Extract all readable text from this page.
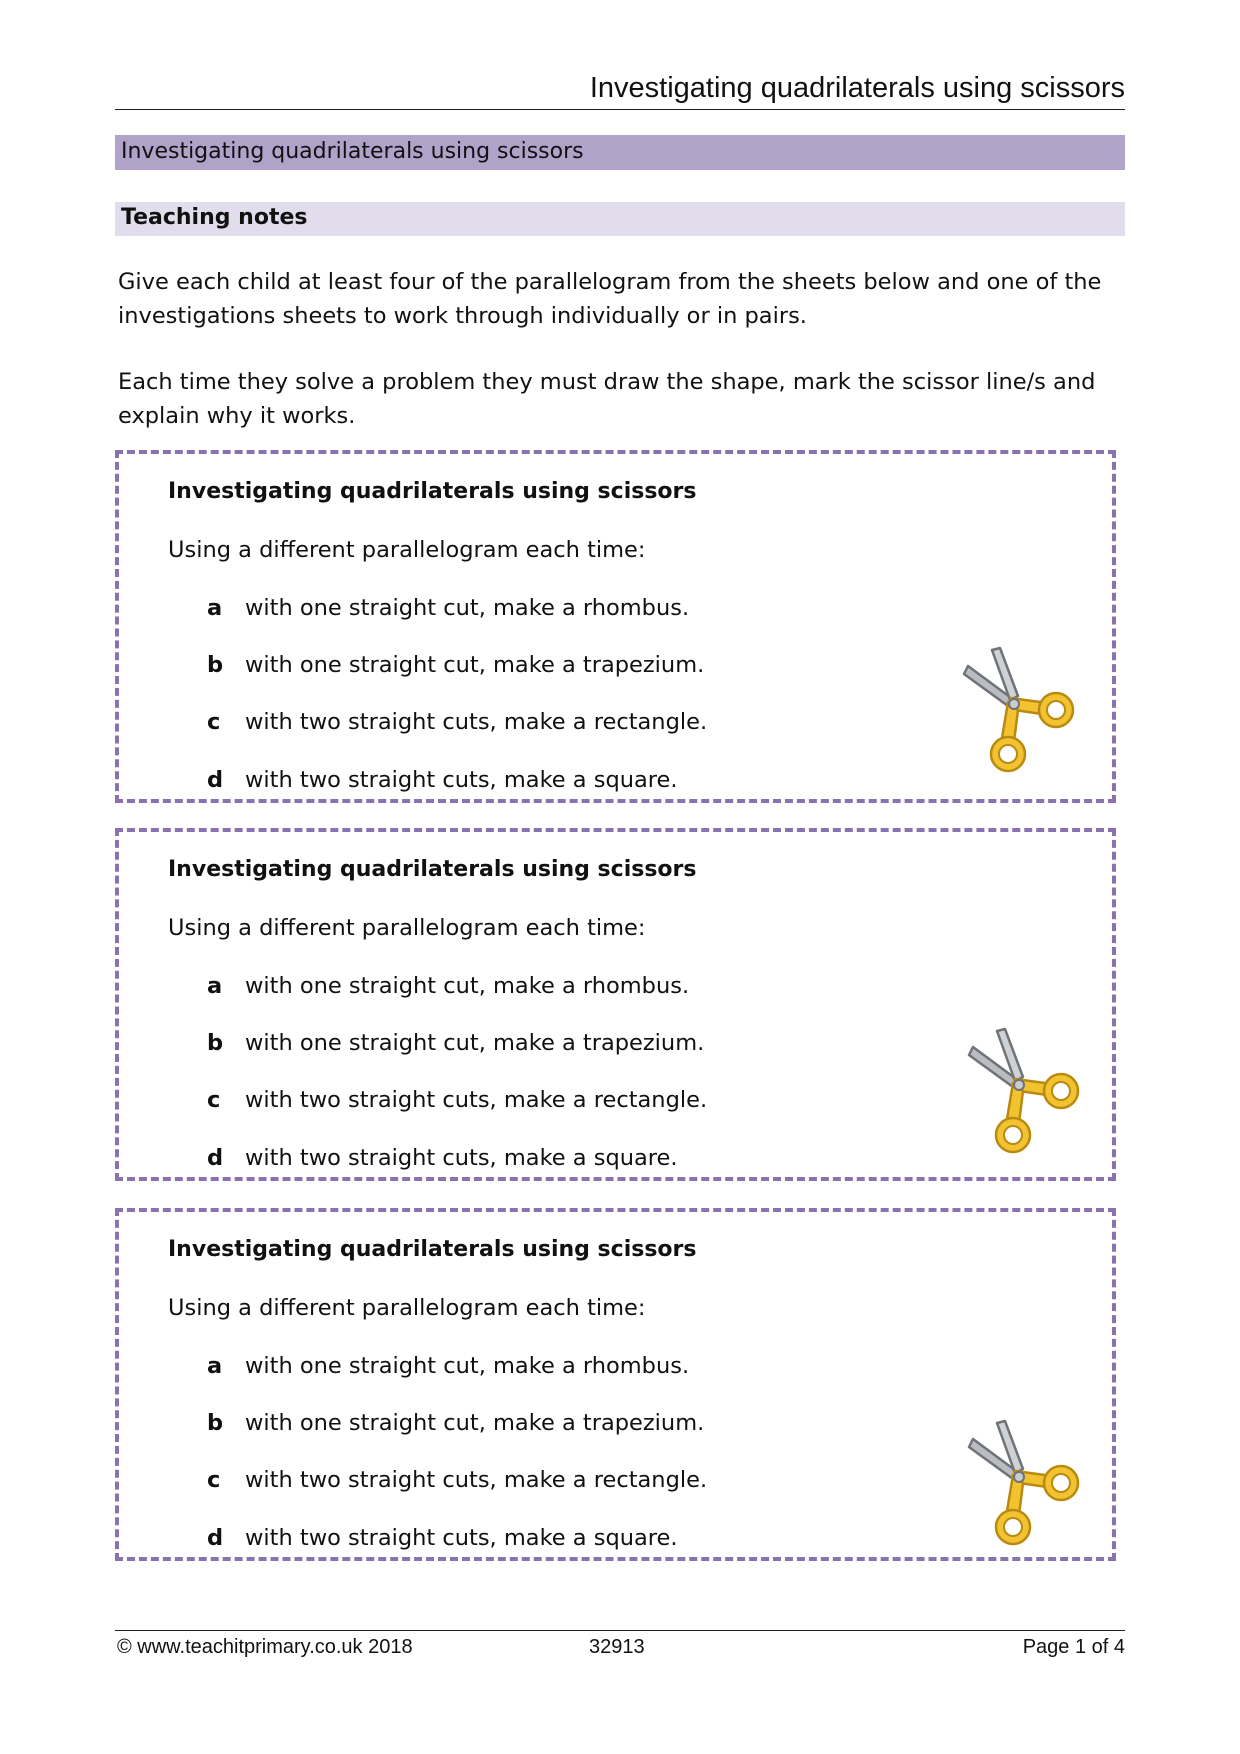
Investigating quadrilaterals using scissors
Investigating quadrilaterals using scissors
Teaching notes
Give each child at least four of the parallelogram from the sheets below and one of the
investigations sheets to work through individually or in pairs.
Each time they solve a problem they must draw the shape, mark the scissor line/s and
explain why it works.
Investigating quadrilaterals using scissors
Using a different parallelogram each time:
a with one straight cut, make a rhombus.
b with one straight cut, make a trapezium.
c with two straight cuts, make a rectangle.
d with two straight cuts, make a square.
Investigating quadrilaterals using scissors
Using a different parallelogram each time:
a with one straight cut, make a rhombus.
b with one straight cut, make a trapezium.
c with two straight cuts, make a rectangle.
d with two straight cuts, make a square.
Investigating quadrilaterals using scissors
Using a different parallelogram each time:
a with one straight cut, make a rhombus.
b with one straight cut, make a trapezium.
c with two straight cuts, make a rectangle.
d with two straight cuts, make a square.
© www.teachitprimary.co.uk 2018	32913	Page 1 of 4
